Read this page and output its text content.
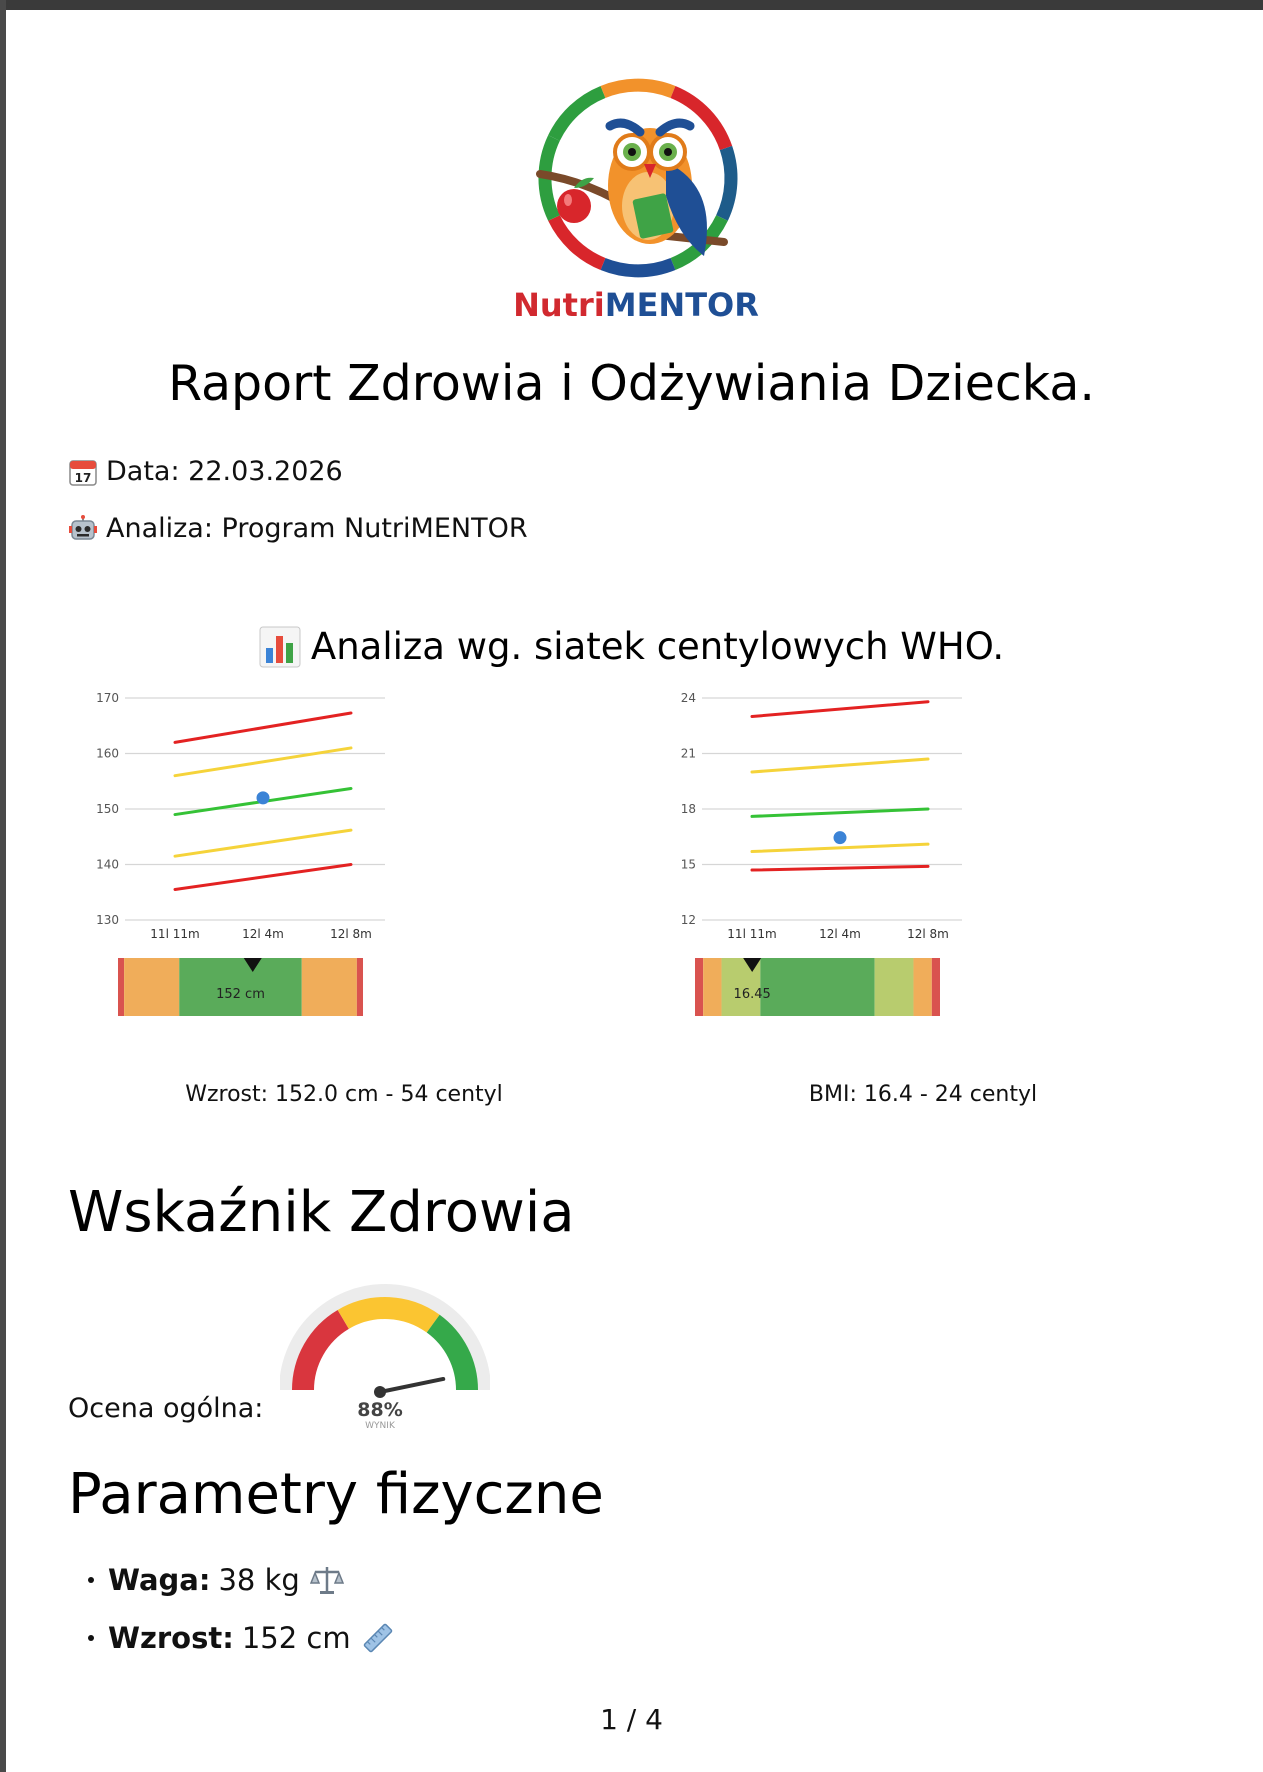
NutriMENTOR
Raport Zdrowia i Odżywiania Dziecka.
17 Data: 22.03.2026
Analiza: Program NutriMENTOR
Analiza wg. siatek centylowych WHO.
130
140
150
160
170
11l 11m	12l 4m	12l 8m
152 cm
12
15
18
21
24
11l 11m	12l 4m	12l 8m
16.45
Wzrost: 152.0 cm - 54 centyl	BMI: 16.4 - 24 centyl
Wskaźnik Zdrowia
Ocena ogólna:	88%
WYNIK
Parametry fizyczne
Waga: 38 kg
Wzrost: 152 cm
1 / 4
